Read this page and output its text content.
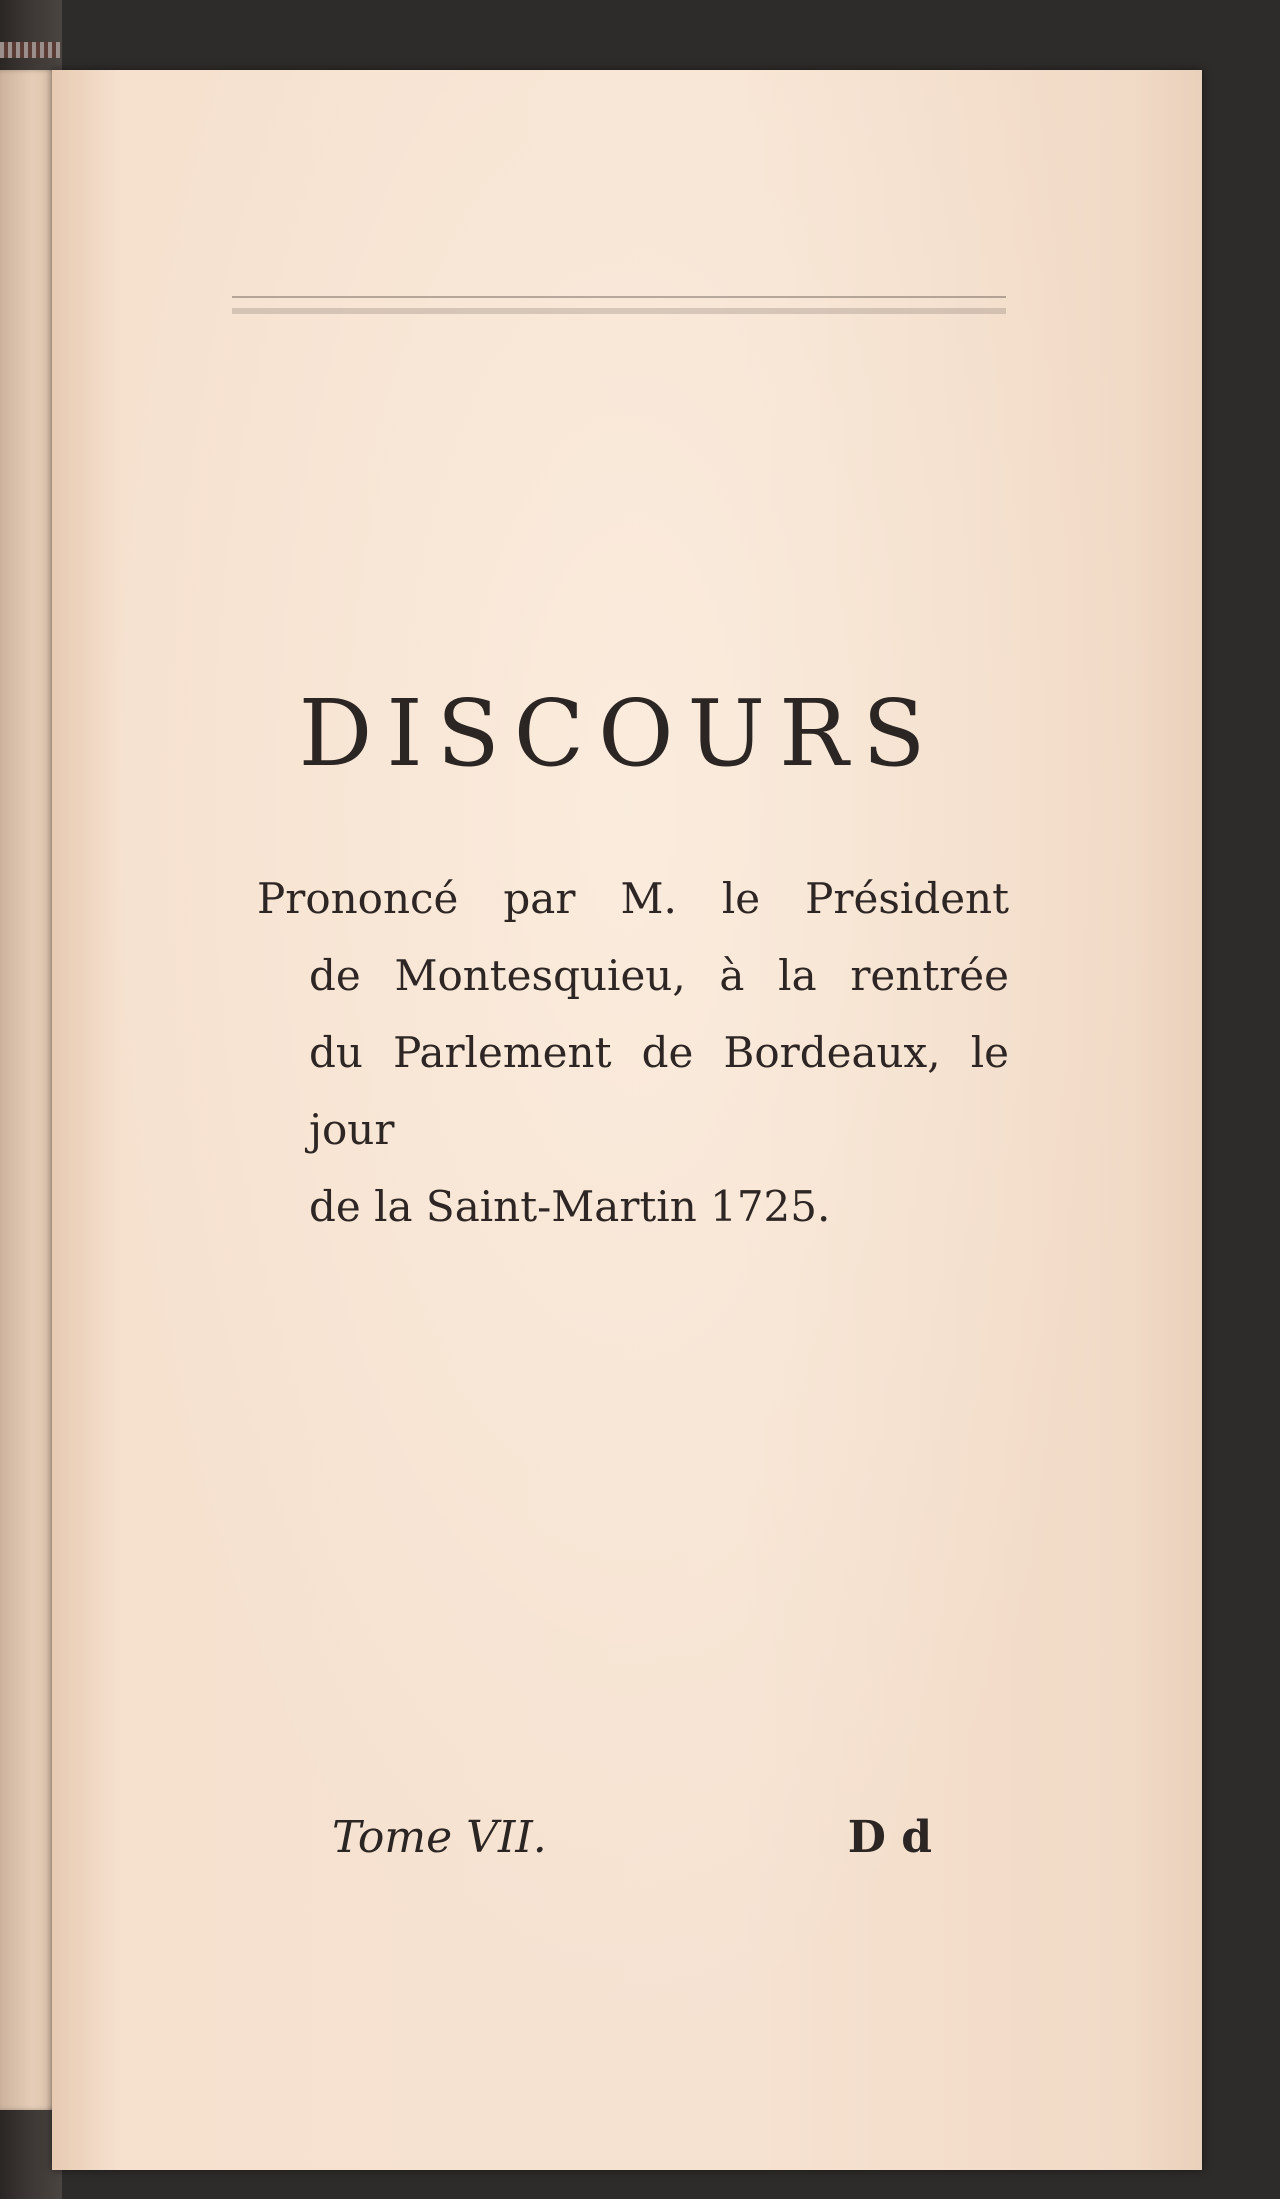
DISCOURS

Prononcé par M. le Président

de Montesquieu, à la rentrée

du Parlement de Bordeaux, le jour

de la Saint-Martin 1725.

Tome VII.	D d
